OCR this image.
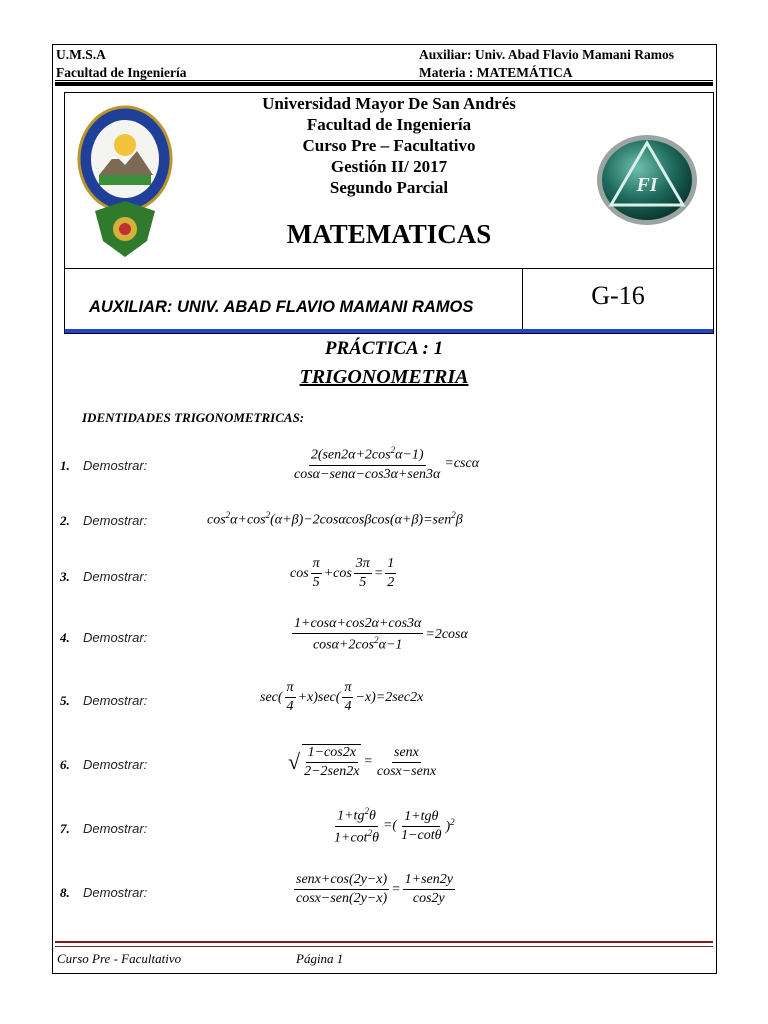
U.M.S.A
Facultad de Ingeniería
Auxiliar: Univ. Abad Flavio Mamani Ramos
Materia : MATEMÁTICA
Universidad Mayor De San Andrés
Facultad de Ingeniería
Curso Pre – Facultativo
Gestión II/ 2017
Segundo Parcial
MATEMATICAS
FI
AUXILIAR: UNIV. ABAD FLAVIO MAMANI RAMOS	G-16
PRÁCTICA : 1
TRIGONOMETRIA
IDENTIDADES TRIGONOMETRICAS:
1. Demostrar:	$\frac{2(sen2\alpha+2\cos^2\alpha-1)}{\text{cosα−senα−cos3α+sen3α}} =\csc\alpha$
2. Demostrar:	$\cos^2\alpha+\cos^2(\alpha+\beta)-2\cos\alpha\cos\beta\cos(\alpha+\beta)=sen^2\beta$
3. Demostrar:	$\cos \frac{\pi}{5} +\cos \frac{3\pi}{5} = \frac{1}{2}$
4. Demostrar:	$\frac{1+\cos\alpha+\cos 2\alpha+\cos 3\alpha}{\cos\alpha+2\cos^2\alpha-1} =2\cos\alpha$
5. Demostrar:	$\sec( \frac{\pi}{4} +x)\sec( \frac{\pi}{4} -x)=2\sec 2x$
6. Demostrar:	√ $\frac{1-\cos 2x}{\text{2−2sen2x}} = \frac{\text{senx}}{\text{cosx−senx}}$
7. Demostrar:	$\frac{1+tg^2\theta}{1+\cot^2\theta}$ =( $\frac{\text{1+tgθ}}{1-\cot\theta} )^2$
8. Demostrar:	$\frac{\text{senx+cos(2y−x)}}{\text{cosx−sen(2y−x)}} = \frac{\text{1+sen2y}}{\cos 2y}$
Curso Pre - Facultativo	Página 1
